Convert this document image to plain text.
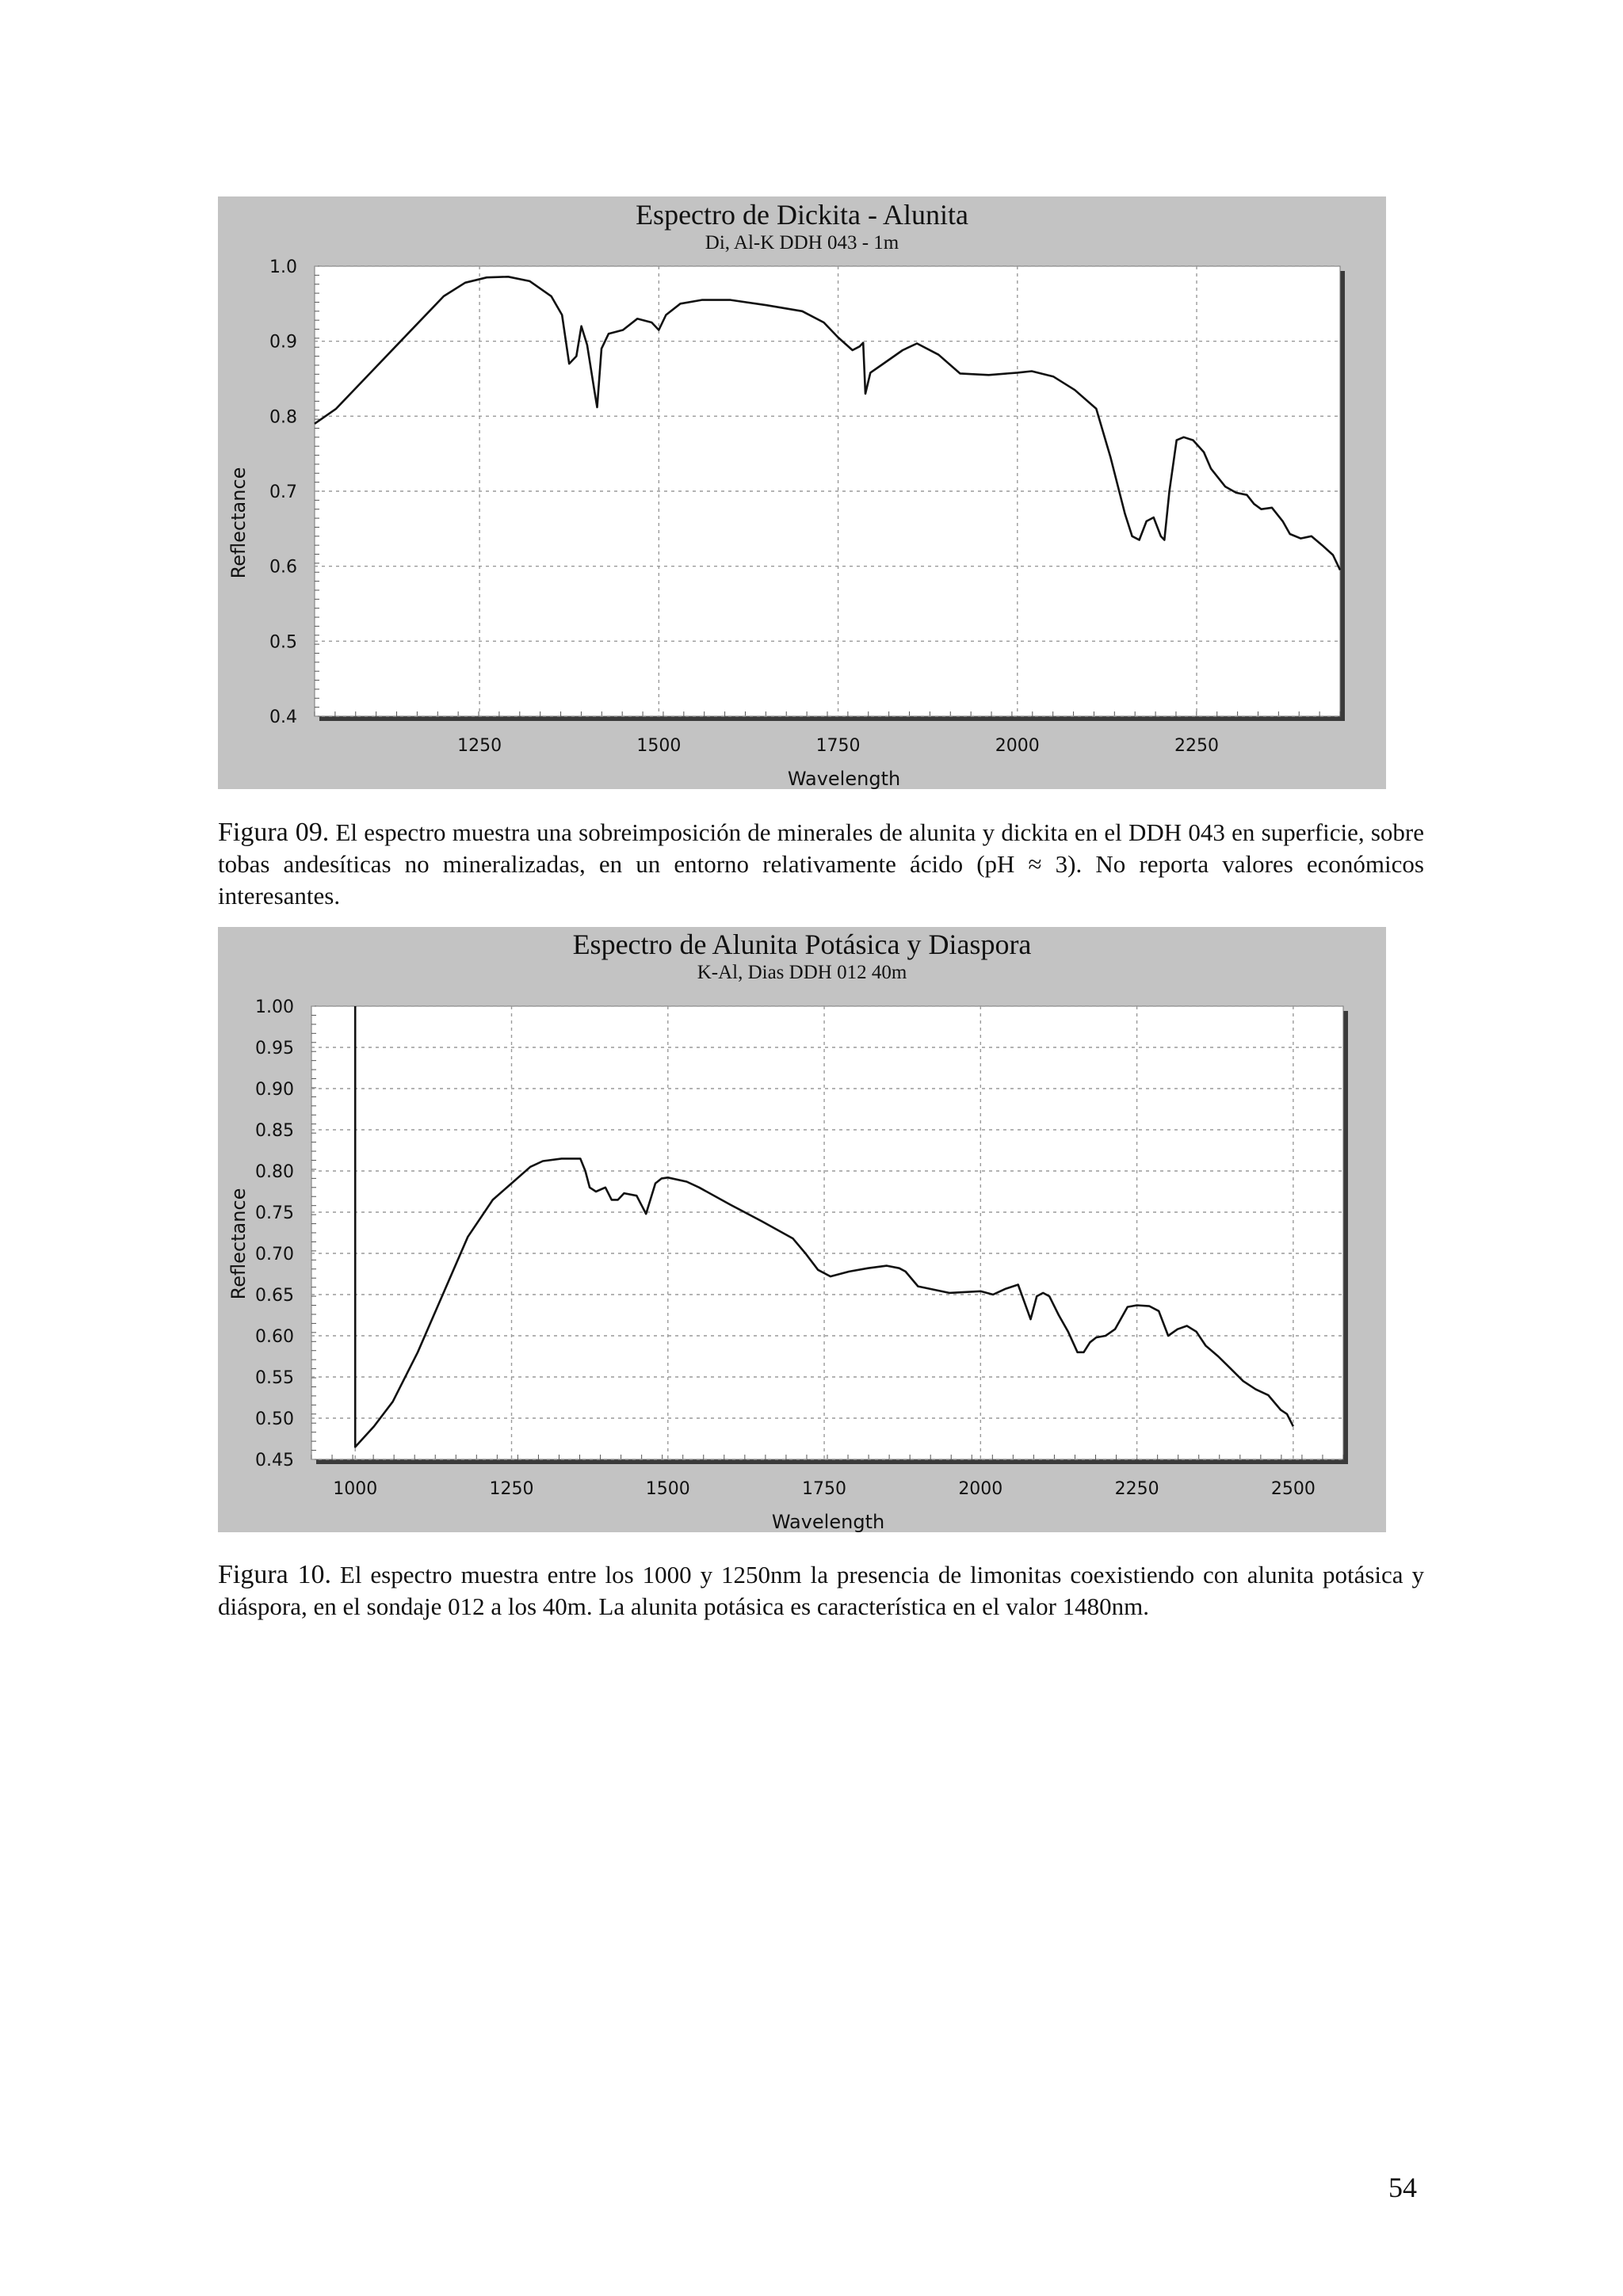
Espectro de Dickita - Alunita
Di, Al-K DDH 043 - 1m
Reflectance
Wavelength
1250	1500	1750	2000	2250
0.4
0.5
0.6
0.7
0.8
0.9
1.0

Figura 09. El espectro muestra una sobreimposición de minerales de alunita y dickita en el DDH 043 en superficie, sobre tobas andesíticas no mineralizadas, en un entorno relativamente ácido (pH ≈ 3). No reporta valores económicos interesantes.

Espectro de Alunita Potásica y Diaspora
K-Al, Dias DDH 012 40m
Reflectance
Wavelength
1000	1250	1500	1750	2000	2250	2500
0.45
0.50
0.55
0.60
0.65
0.70
0.75
0.80
0.85
0.90
0.95
1.00

Figura 10. El espectro muestra entre los 1000 y 1250nm la presencia de limonitas coexistiendo con alunita potásica y diáspora, en el sondaje 012 a los 40m. La alunita potásica es característica en el valor 1480nm.

54
